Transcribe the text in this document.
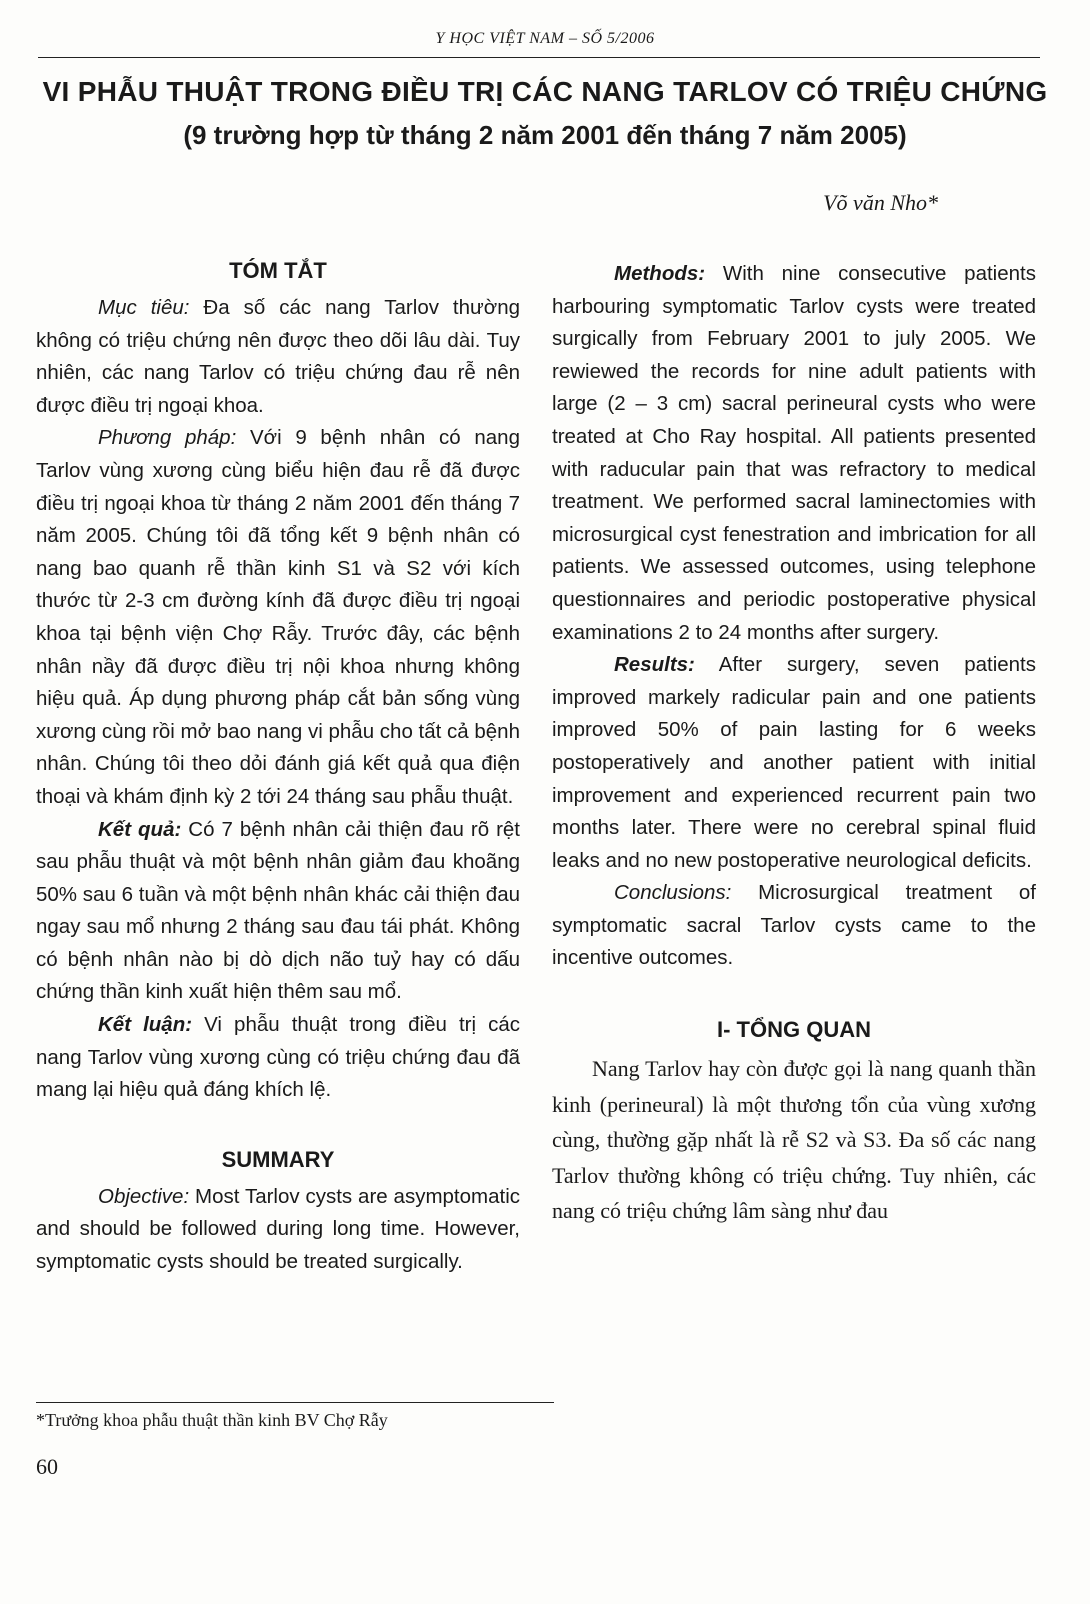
Y HỌC VIỆT NAM – SỐ 5/2006
VI PHẪU THUẬT TRONG ĐIỀU TRỊ CÁC NANG TARLOV CÓ TRIỆU CHỨNG
(9 trường hợp từ tháng 2 năm 2001 đến tháng 7 năm 2005)
Võ văn Nho*
TÓM TẮT

Mục tiêu: Đa số các nang Tarlov thường không có triệu chứng nên được theo dõi lâu dài. Tuy nhiên, các nang Tarlov có triệu chứng đau rễ nên được điều trị ngoại khoa.

Phương pháp: Với 9 bệnh nhân có nang Tarlov vùng xương cùng biểu hiện đau rễ đã được điều trị ngoại khoa từ tháng 2 năm 2001 đến tháng 7 năm 2005. Chúng tôi đã tổng kết 9 bệnh nhân có nang bao quanh rễ thần kinh S1 và S2 với kích thước từ 2-3 cm đường kính đã được điều trị ngoại khoa tại bệnh viện Chợ Rẫy. Trước đây, các bệnh nhân nầy đã được điều trị nội khoa nhưng không hiệu quả. Áp dụng phương pháp cắt bản sống vùng xương cùng rồi mở bao nang vi phẫu cho tất cả bệnh nhân. Chúng tôi theo dỏi đánh giá kết quả qua điện thoại và khám định kỳ 2 tới 24 tháng sau phẫu thuật.

Kết quả: Có 7 bệnh nhân cải thiện đau rõ rệt sau phẫu thuật và một bệnh nhân giảm đau khoãng 50% sau 6 tuần và một bệnh nhân khác cải thiện đau ngay sau mổ nhưng 2 tháng sau đau tái phát. Không có bệnh nhân nào bị dò dịch não tuỷ hay có dấu chứng thần kinh xuất hiện thêm sau mổ.

Kết luận: Vi phẫu thuật trong điều trị các nang Tarlov vùng xương cùng có triệu chứng đau đã mang lại hiệu quả đáng khích lệ.

SUMMARY

Objective: Most Tarlov cysts are asymptomatic and should be followed during long time. However, symptomatic cysts should be treated surgically.

Methods: With nine consecutive patients harbouring symptomatic Tarlov cysts were treated surgically from February 2001 to july 2005. We rewiewed the records for nine adult patients with large (2 – 3 cm) sacral perineural cysts who were treated at Cho Ray hospital. All patients presented with raducular pain that was refractory to medical treatment. We performed sacral laminectomies with microsurgical cyst fenestration and imbrication for all patients. We assessed outcomes, using telephone questionnaires and periodic postoperative physical examinations 2 to 24 months after surgery.

Results: After surgery, seven patients improved markely radicular pain and one patients improved 50% of pain lasting for 6 weeks postoperatively and another patient with initial improvement and experienced recurrent pain two months later. There were no cerebral spinal fluid leaks and no new postoperative neurological deficits.

Conclusions: Microsurgical treatment of symptomatic sacral Tarlov cysts came to the incentive outcomes.

I- TỔNG QUAN

Nang Tarlov hay còn được gọi là nang quanh thần kinh (perineural) là một thương tổn của vùng xương cùng, thường gặp nhất là rễ S2 và S3. Đa số các nang Tarlov thường không có triệu chứng. Tuy nhiên, các nang có triệu chứng lâm sàng như đau

*Trưởng khoa phẫu thuật thần kinh BV Chợ Rẫy
60
